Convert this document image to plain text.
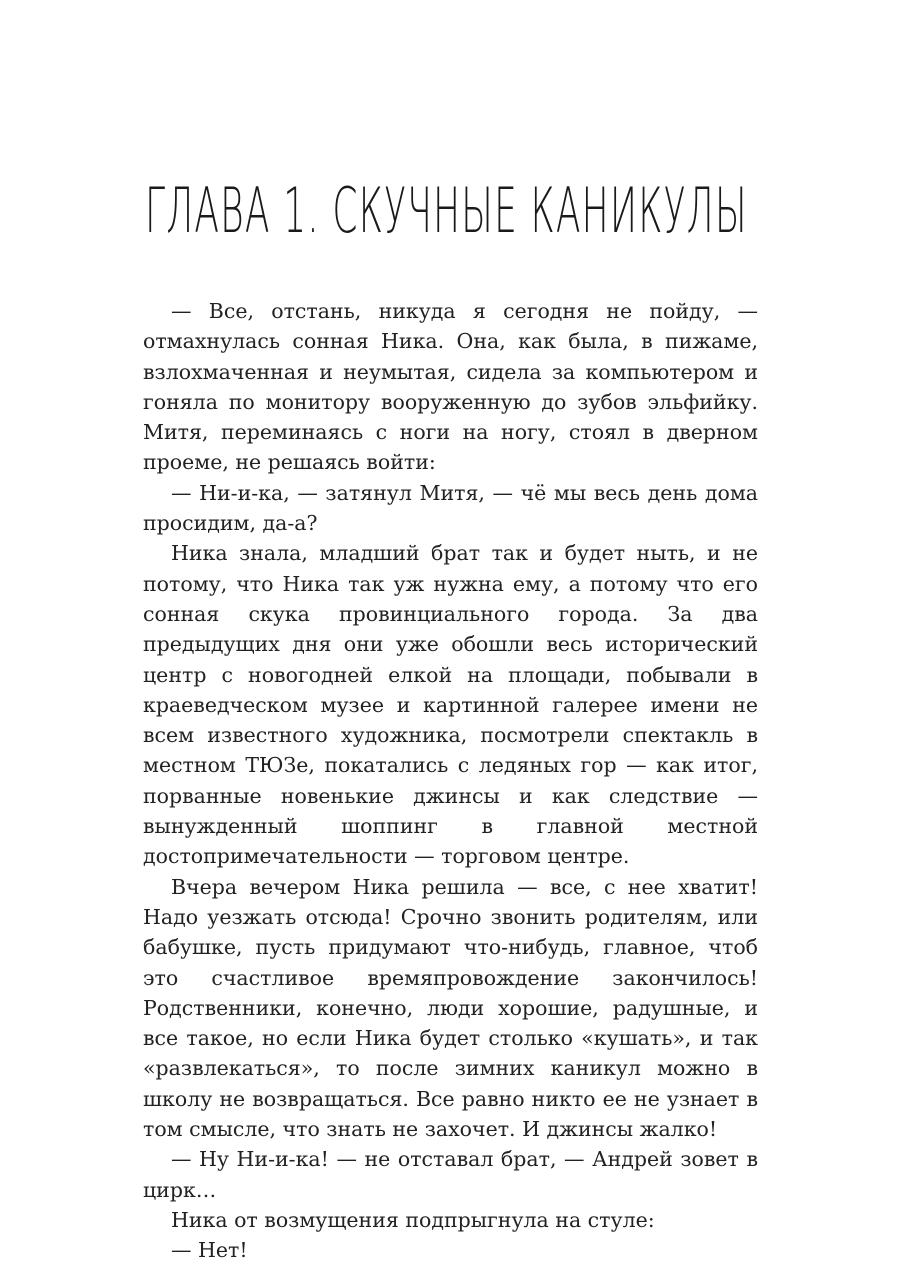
ГЛАВА 1. СКУЧНЫЕ КАНИКУЛЫ

— Все, отстань, никуда я сегодня не пойду, — отмахнулась сонная Ника. Она, как была, в пижаме, взлохмаченная и неумытая, сидела за компьютером и гоняла по монитору вооруженную до зубов эльфийку. Митя, переминаясь с ноги на ногу, стоял в дверном проеме, не решаясь войти:

— Ни-и-ка, — затянул Митя, — чё мы весь день дома просидим, да-а?

Ника знала, младший брат так и будет ныть, и не потому, что Ника так уж нужна ему, а потому что его сонная скука провинциального города. За два предыдущих дня они уже обошли весь исторический центр с новогодней елкой на площади, побывали в краеведческом музее и картинной галерее имени не всем известного художника, посмотрели спектакль в местном ТЮЗе, покатались с ледяных гор — как итог, порванные новенькие джинсы и как следствие — вынужденный шоппинг в главной местной достопримечательности — торговом центре.

Вчера вечером Ника решила — все, с нее хватит! Надо уезжать отсюда! Срочно звонить родителям, или бабушке, пусть придумают что-нибудь, главное, чтоб это счастливое времяпровождение закончилось! Родственники, конечно, люди хорошие, радушные, и все такое, но если Ника будет столько «кушать», и так «развлекаться», то после зимних каникул можно в школу не возвращаться. Все равно никто ее не узнает в том смысле, что знать не захочет. И джинсы жалко!

— Ну Ни-и-ка! — не отставал брат, — Андрей зовет в цирк…

Ника от возмущения подпрыгнула на стуле:

— Нет!
